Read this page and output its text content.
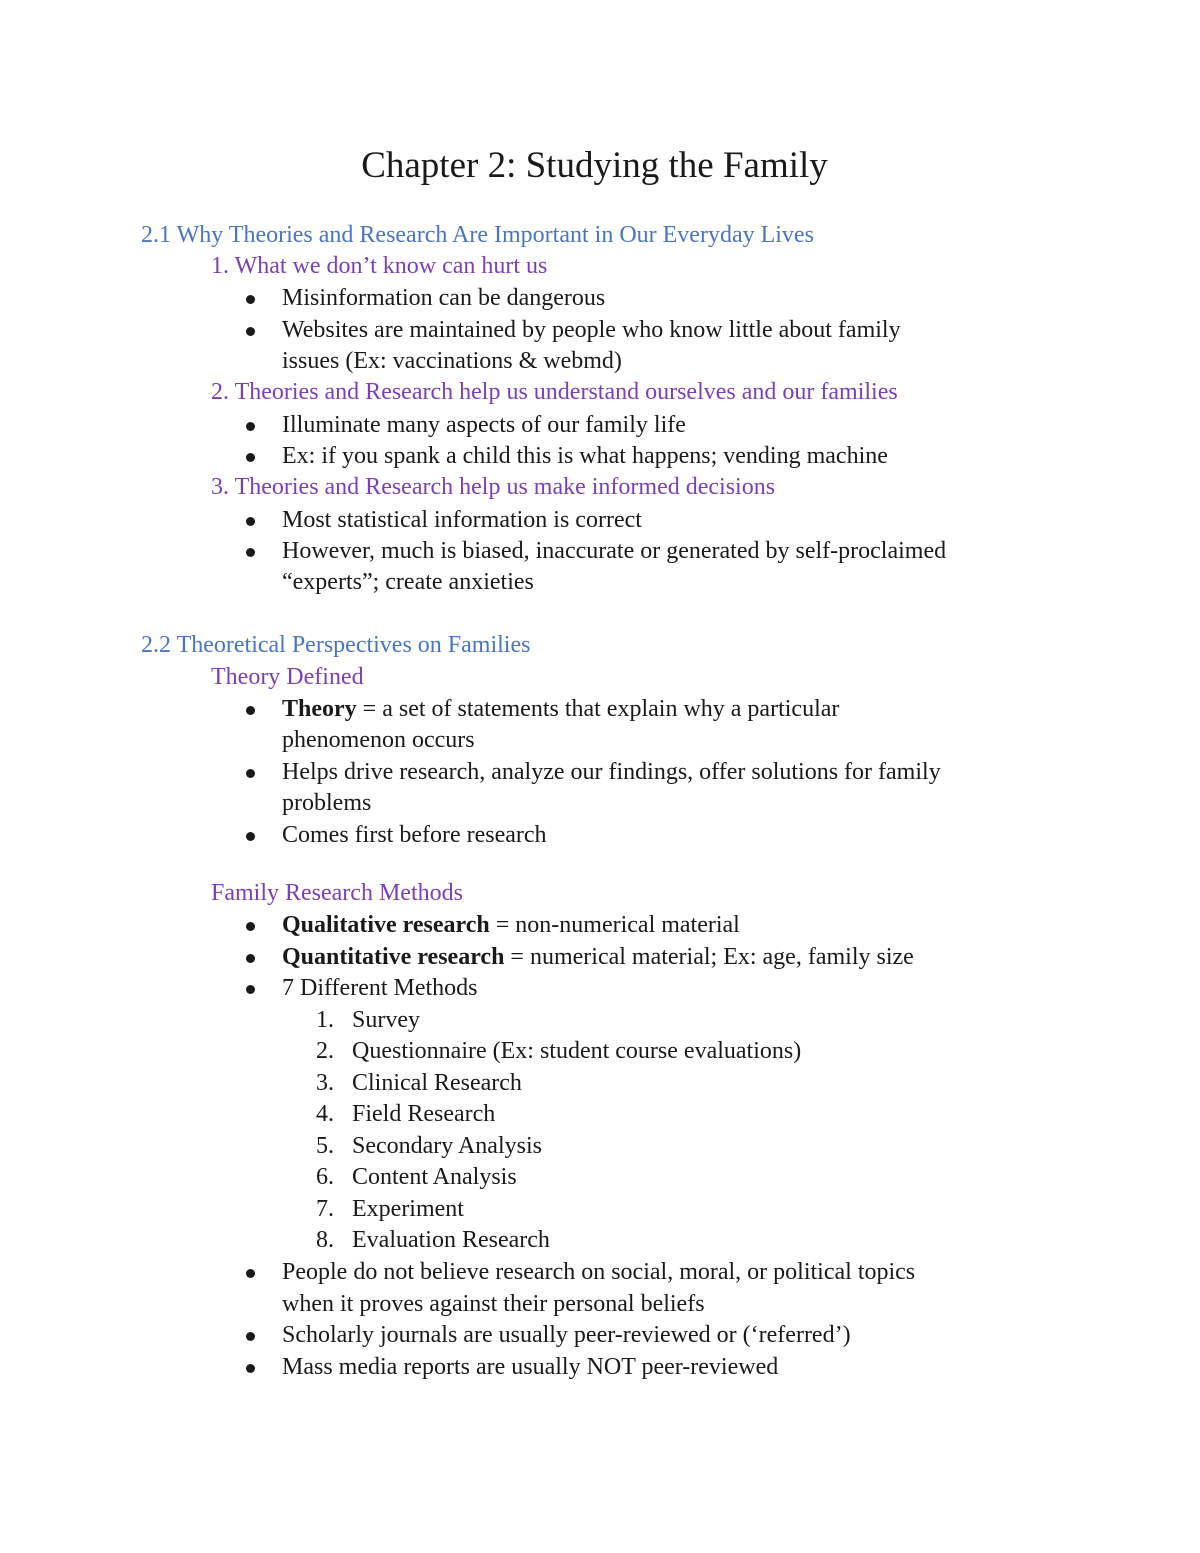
Chapter 2: Studying the Family
2.1 Why Theories and Research Are Important in Our Everyday Lives
1. What we don’t know can hurt us
Misinformation can be dangerous
Websites are maintained by people who know little about family
issues (Ex: vaccinations & webmd)
2. Theories and Research help us understand ourselves and our families
Illuminate many aspects of our family life
Ex: if you spank a child this is what happens; vending machine
3. Theories and Research help us make informed decisions
Most statistical information is correct
However, much is biased, inaccurate or generated by self-proclaimed
“experts”; create anxieties
2.2 Theoretical Perspectives on Families
Theory Defined
Theory = a set of statements that explain why a particular
phenomenon occurs
Helps drive research, analyze our findings, offer solutions for family
problems
Comes first before research
Family Research Methods
Qualitative research = non-numerical material
Quantitative research = numerical material; Ex: age, family size
7 Different Methods
1. Survey
2. Questionnaire (Ex: student course evaluations)
3. Clinical Research
4. Field Research
5. Secondary Analysis
6. Content Analysis
7. Experiment
8. Evaluation Research
People do not believe research on social, moral, or political topics
when it proves against their personal beliefs
Scholarly journals are usually peer-reviewed or (‘referred’)
Mass media reports are usually NOT peer-reviewed
